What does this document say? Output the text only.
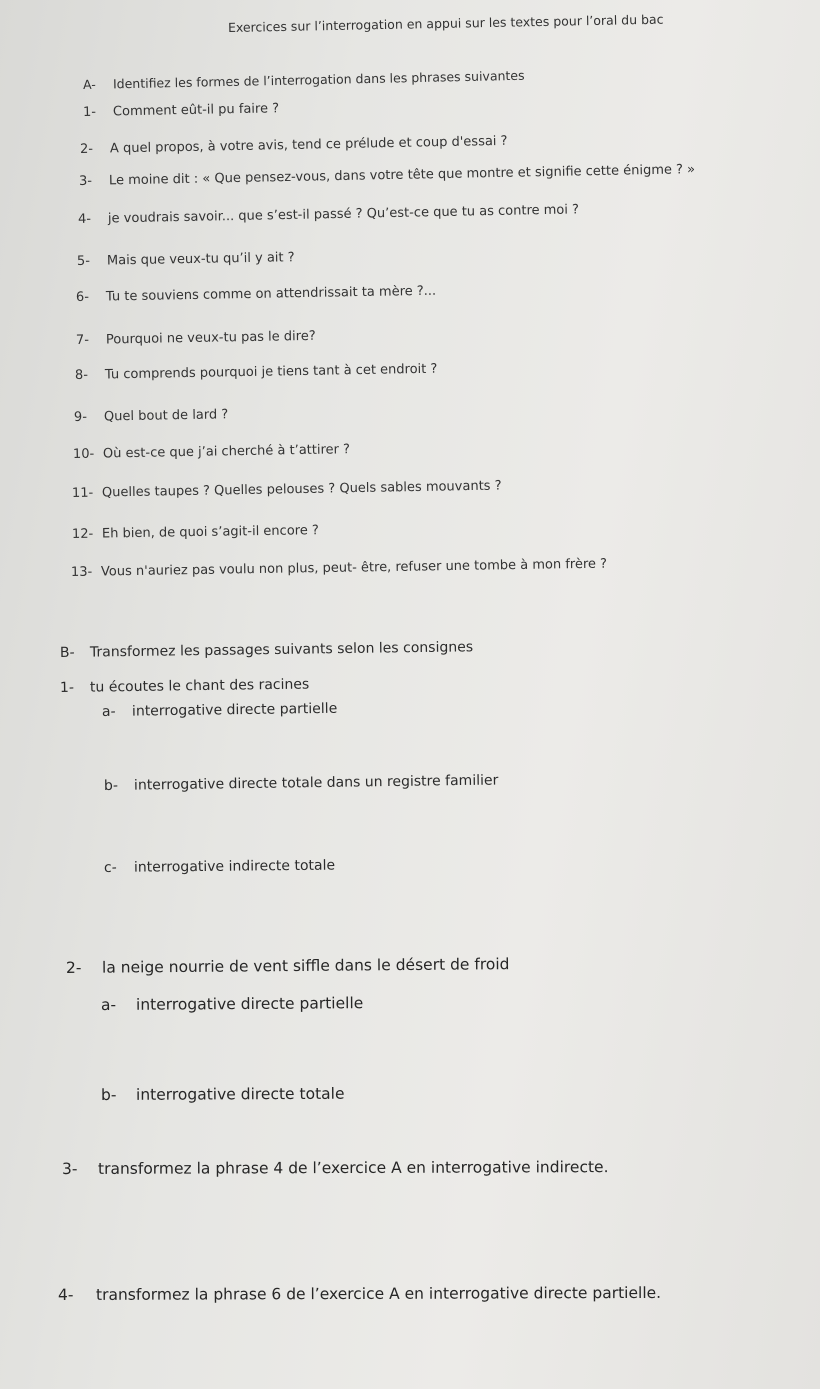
Exercices sur l’interrogation en appui sur les textes pour l’oral du bac
A- Identifiez les formes de l’interrogation dans les phrases suivantes
1- Comment eût-il pu faire ?
2- A quel propos, à votre avis, tend ce prélude et coup d'essai ?
3- Le moine dit : « Que pensez-vous, dans votre tête que montre et signifie cette énigme ? »
4- je voudrais savoir... que s’est-il passé ? Qu’est-ce que tu as contre moi ?
5- Mais que veux-tu qu’il y ait ?
6- Tu te souviens comme on attendrissait ta mère ?...
7- Pourquoi ne veux-tu pas le dire?
8- Tu comprends pourquoi je tiens tant à cet endroit ?
9- Quel bout de lard ?
10- Où est-ce que j’ai cherché à t’attirer ?
11- Quelles taupes ? Quelles pelouses ? Quels sables mouvants ?
12- Eh bien, de quoi s’agit-il encore ?
13- Vous n'auriez pas voulu non plus, peut- être, refuser une tombe à mon frère ?
B- Transformez les passages suivants selon les consignes
1- tu écoutes le chant des racines
a- interrogative directe partielle
b- interrogative directe totale dans un registre familier
c- interrogative indirecte totale
2- la neige nourrie de vent siffle dans le désert de froid
a- interrogative directe partielle
b- interrogative directe totale
3- transformez la phrase 4 de l’exercice A en interrogative indirecte.
4- transformez la phrase 6 de l’exercice A en interrogative directe partielle.
